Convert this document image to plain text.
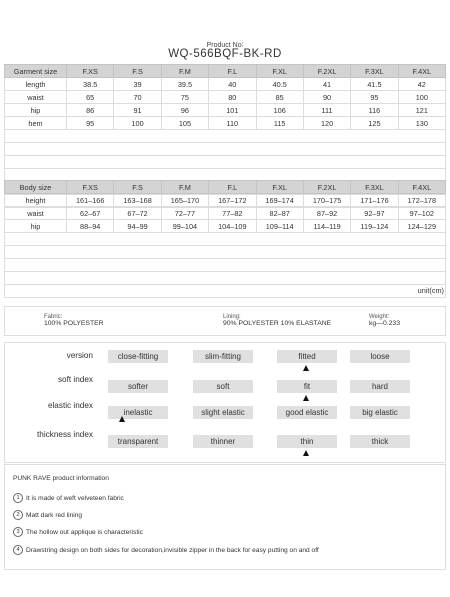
Product No∶
WQ-566BQF-BK-RD
Garment size	F.XS	F.S	F.M	F.L	F.XL	F.2XL	F.3XL	F.4XL
length	38.5	39	39.5	40	40.5	41	41.5	42
waist	65	70	75	80	85	90	95	100
hip	86	91	96	101	106	111	116	121
hem	95	100	105	110	115	120	125	130

Body size	F.XS	F.S	F.M	F.L	F.XL	F.2XL	F.3XL	F.4XL
height	161–166	163–168	165–170	167–172	169–174	170–175	171–176	172–178
waist	62–67	67–72	72–77	77–82	82–87	87–92	92–97	97–102
hip	88–94	94–99	99–104	104–109	109–114	114–119	119–124	124–129

unit(cm)
Fabric∶
100% POLYESTER
Lining∶
90% POLYESTER 10% ELASTANE
Weight∶
kg—0.233
version	close-fitting	slim-fitting	fitted	loose
soft index
softer	soft	fit	hard
elastic index
inelastic	slight elastic	good elastic	big elastic
thickness index
transparent	thinner	thin	thick
PUNK RAVE product information
1 It is made of weft velveteen fabric
2 Matt dark red lining
3 The hollow out applique is characteristic
4 Drawstring design on both sides for decoration,invisible zipper in the back for easy putting on and off
